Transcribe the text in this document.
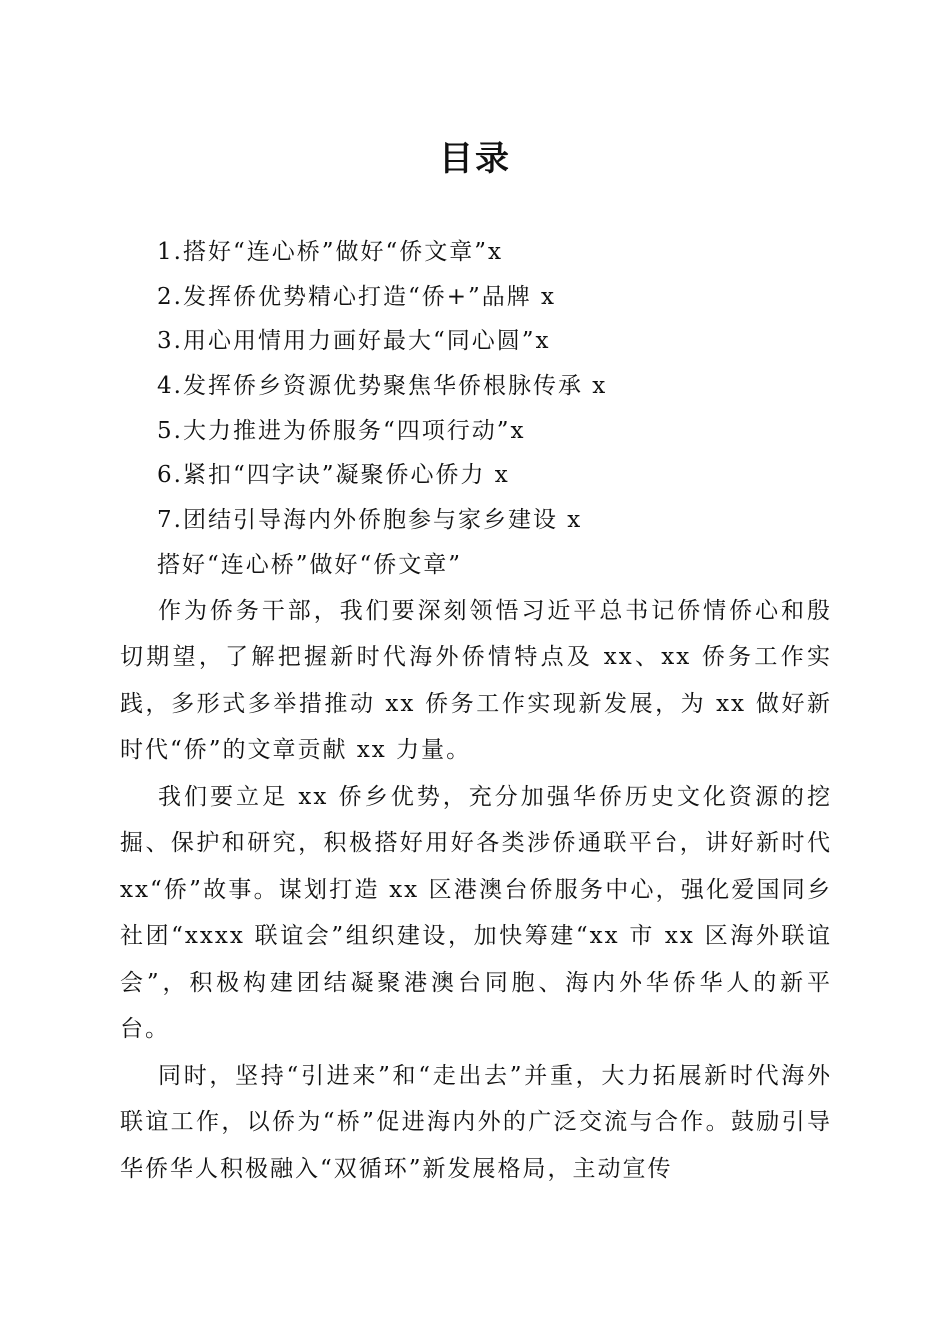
目录
1.搭好“连心桥”做好“侨文章”x
2.发挥侨优势精心打造“侨+”品牌 x
3.用心用情用力画好最大“同心圆”x
4.发挥侨乡资源优势聚焦华侨根脉传承 x
5.大力推进为侨服务“四项行动”x
6.紧扣“四字诀”凝聚侨心侨力 x
7.团结引导海内外侨胞参与家乡建设 x
搭好“连心桥”做好“侨文章”

作为侨务干部，我们要深刻领悟习近平总书记侨情侨心和殷切期望，了解把握新时代海外侨情特点及 xx、xx 侨务工作实践，多形式多举措推动 xx 侨务工作实现新发展，为 xx 做好新时代“侨”的文章贡献 xx 力量。

我们要立足 xx 侨乡优势，充分加强华侨历史文化资源的挖掘、保护和研究，积极搭好用好各类涉侨通联平台，讲好新时代 xx“侨”故事。谋划打造 xx 区港澳台侨服务中心，强化爱国同乡社团“xxxx 联谊会”组织建设，加快筹建“xx 市 xx 区海外联谊会”，积极构建团结凝聚港澳台同胞、海内外华侨华人的新平台。

同时，坚持“引进来”和“走出去”并重，大力拓展新时代海外联谊工作，以侨为“桥”促进海内外的广泛交流与合作。鼓励引导华侨华人积极融入“双循环”新发展格局，主动宣传
